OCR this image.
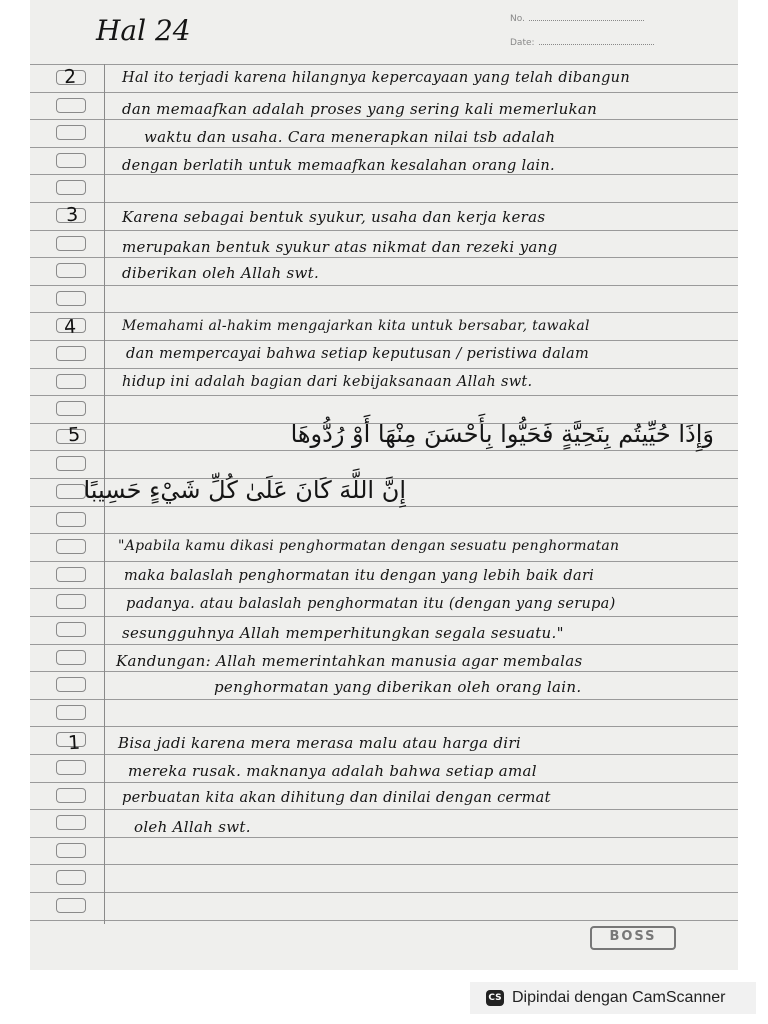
Hal 24	No.
Date:
2	Hal ito terjadi karena hilangnya kepercayaan yang telah dibangun
dan memaafkan adalah proses yang sering kali memerlukan
waktu dan usaha. Cara menerapkan nilai tsb adalah
dengan berlatih untuk memaafkan kesalahan orang lain.
3	Karena sebagai bentuk syukur, usaha dan kerja keras
merupakan bentuk syukur atas nikmat dan rezeki yang
diberikan oleh Allah swt.
4	Memahami al-hakim mengajarkan kita untuk bersabar, tawakal
dan mempercayai bahwa setiap keputusan / peristiwa dalam
hidup ini adalah bagian dari kebijaksanaan Allah swt.
5	وَإِذَا حُيِّيتُم بِتَحِيَّةٍ فَحَيُّوا بِأَحْسَنَ مِنْهَا أَوْ رُدُّوهَا
إِنَّ اللَّهَ كَانَ عَلَىٰ كُلِّ شَيْءٍ حَسِيبًا
"Apabila kamu dikasi penghormatan dengan sesuatu penghormatan
maka balaslah penghormatan itu dengan yang lebih baik dari
padanya. atau balaslah penghormatan itu (dengan yang serupa)
sesungguhnya Allah memperhitungkan segala sesuatu."
Kandungan: Allah memerintahkan manusia agar membalas
penghormatan yang diberikan oleh orang lain.
1 Bisa jadi karena mera merasa malu atau harga diri
mereka rusak. maknanya adalah bahwa setiap amal
perbuatan kita akan dihitung dan dinilai dengan cermat
oleh Allah swt.
BOSS
CS Dipindai dengan CamScanner
